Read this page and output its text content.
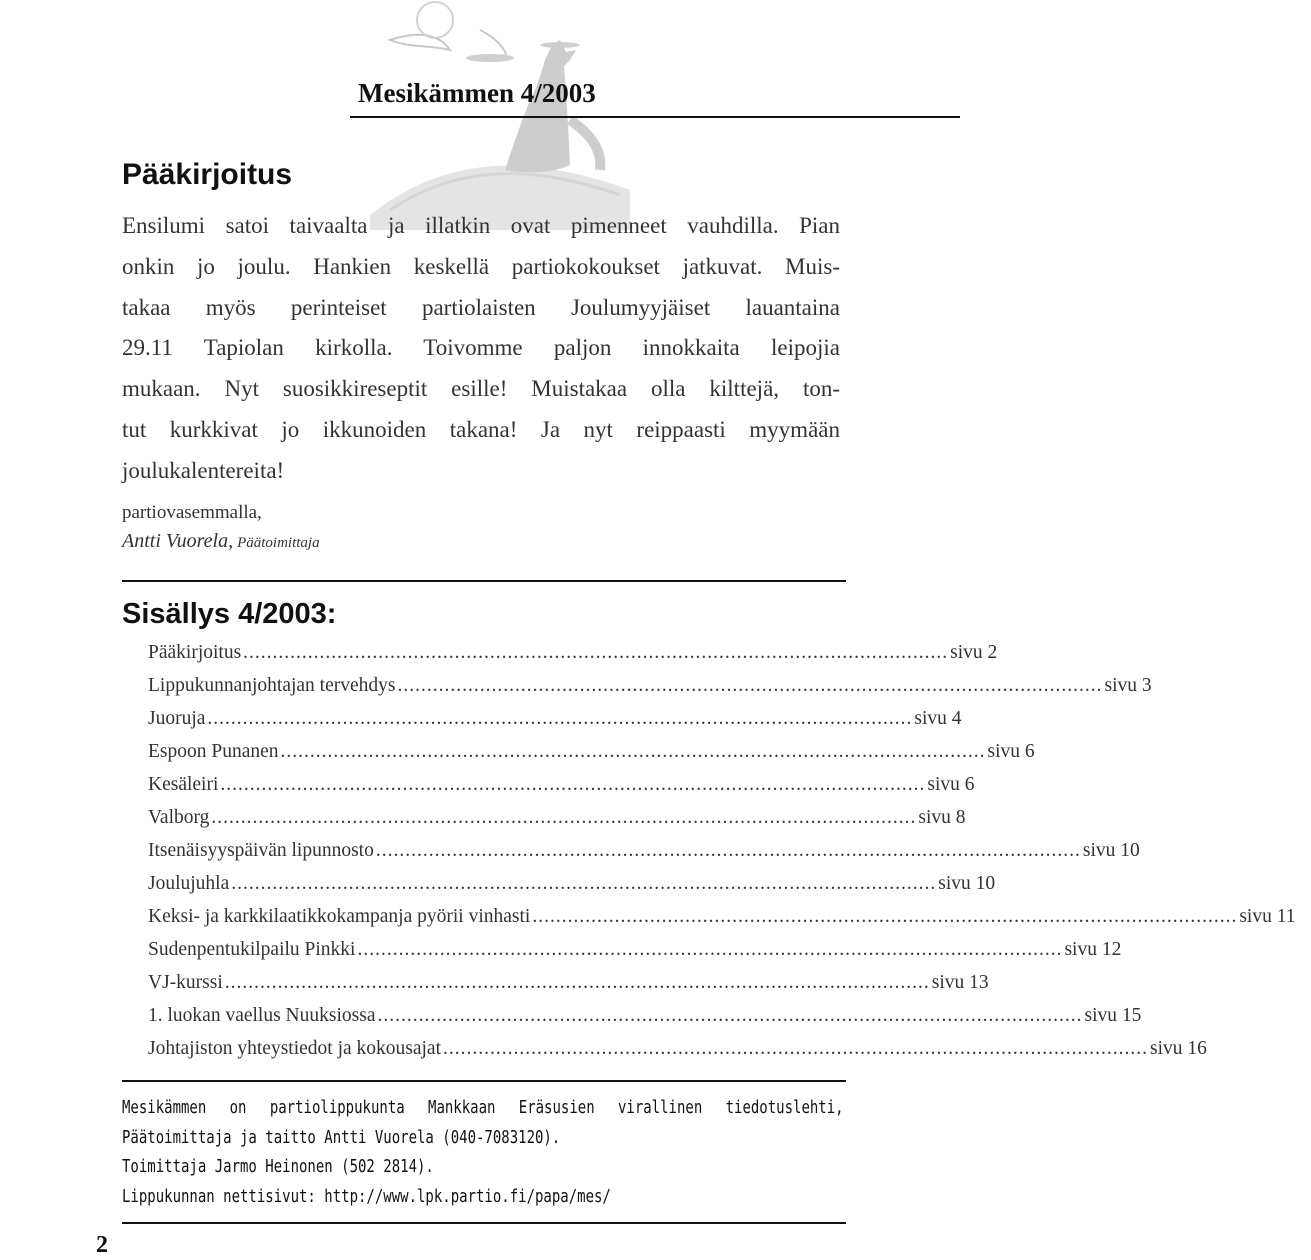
Mesikämmen 4/2003
Pääkirjoitus
Ensilumi satoi taivaalta ja illatkin ovat pimenneet vauhdilla. Pian
onkin jo joulu. Hankien keskellä partiokokoukset jatkuvat. Muis-
takaa myös perinteiset partiolaisten Joulumyyjäiset lauantaina
29.11 Tapiolan kirkolla. Toivomme paljon innokkaita leipojia
mukaan. Nyt suosikkireseptit esille! Muistakaa olla kilttejä, ton-
tut kurkkivat jo ikkunoiden takana! Ja nyt reippaasti myymään
joulukalentereita!
partiovasemmalla,
Antti Vuorela, Päätoimittaja
Sisällys 4/2003:
Pääkirjoitus ........................................................................................................................ sivu 2
Lippukunnanjohtajan tervehdys ........................................................................................................................ sivu 3
Juoruja ........................................................................................................................ sivu 4
Espoon Punanen ........................................................................................................................ sivu 6
Kesäleiri ........................................................................................................................ sivu 6
Valborg ........................................................................................................................ sivu 8
Itsenäisyyspäivän lipunnosto ........................................................................................................................ sivu 10
Joulujuhla ........................................................................................................................ sivu 10
Keksi- ja karkkilaatikkokampanja pyörii vinhasti ........................................................................................................................ sivu 11
Sudenpentukilpailu Pinkki ........................................................................................................................ sivu 12
VJ-kurssi ........................................................................................................................ sivu 13
1. luokan vaellus Nuuksiossa ........................................................................................................................ sivu 15
Johtajiston yhteystiedot ja kokousajat ........................................................................................................................ sivu 16
Mesikämmen on partiolippukunta Mankkaan Eräsusien virallinen tiedotuslehti,
Päätoimittaja ja taitto Antti Vuorela (040-7083120).
Toimittaja Jarmo Heinonen (502 2814).
Lippukunnan nettisivut: http://www.lpk.partio.fi/papa/mes/
2
